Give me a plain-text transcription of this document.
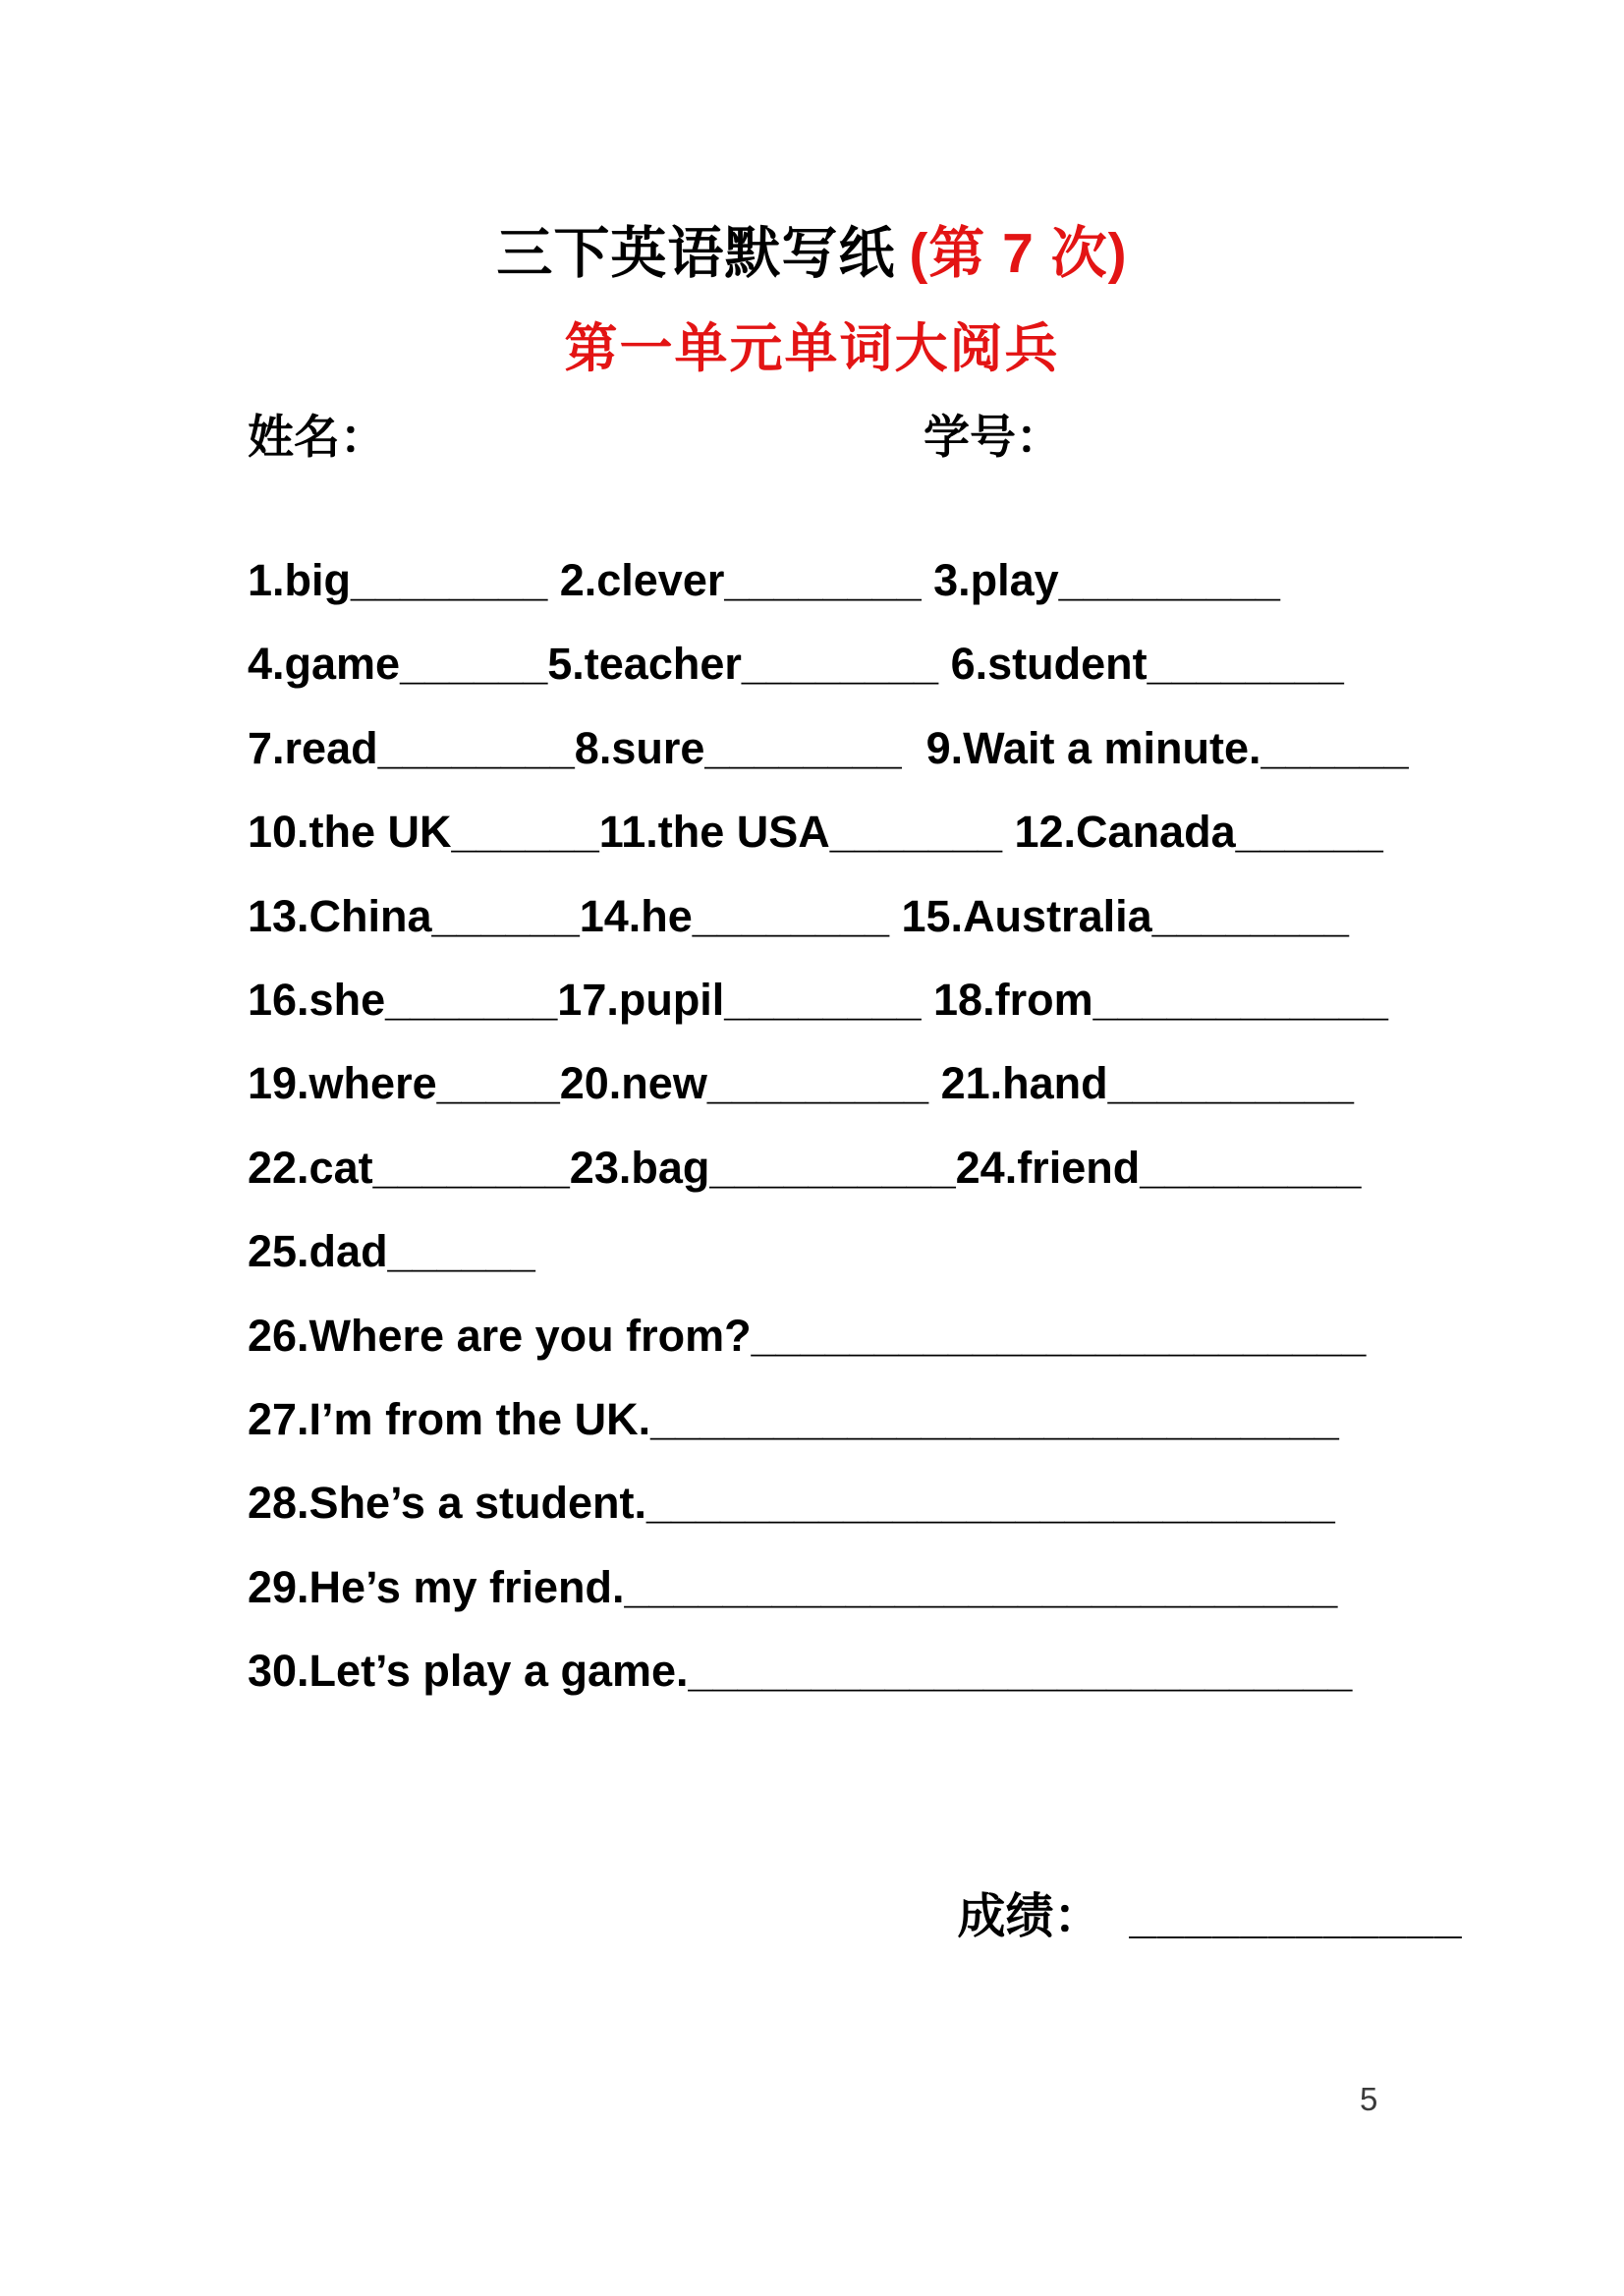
三下英语默写纸 (第 7 次)
第一单元单词大阅兵
姓名：	学号：
1.big________ 2.clever________ 3.play_________
4.game______5.teacher________ 6.student________
7.read________8.sure________  9.Wait a minute.______
10.the UK______11.the USA_______ 12.Canada______
13.China______14.he________ 15.Australia________
16.she_______17.pupil________ 18.from____________
19.where_____20.new_________ 21.hand__________
22.cat________23.bag__________24.friend_________
25.dad______
26.Where are you from?_________________________
27.I’m from the UK.____________________________
28.She’s a student.____________________________
29.He’s my friend._____________________________
30.Let’s play a game.___________________________

成绩： ____________

5
